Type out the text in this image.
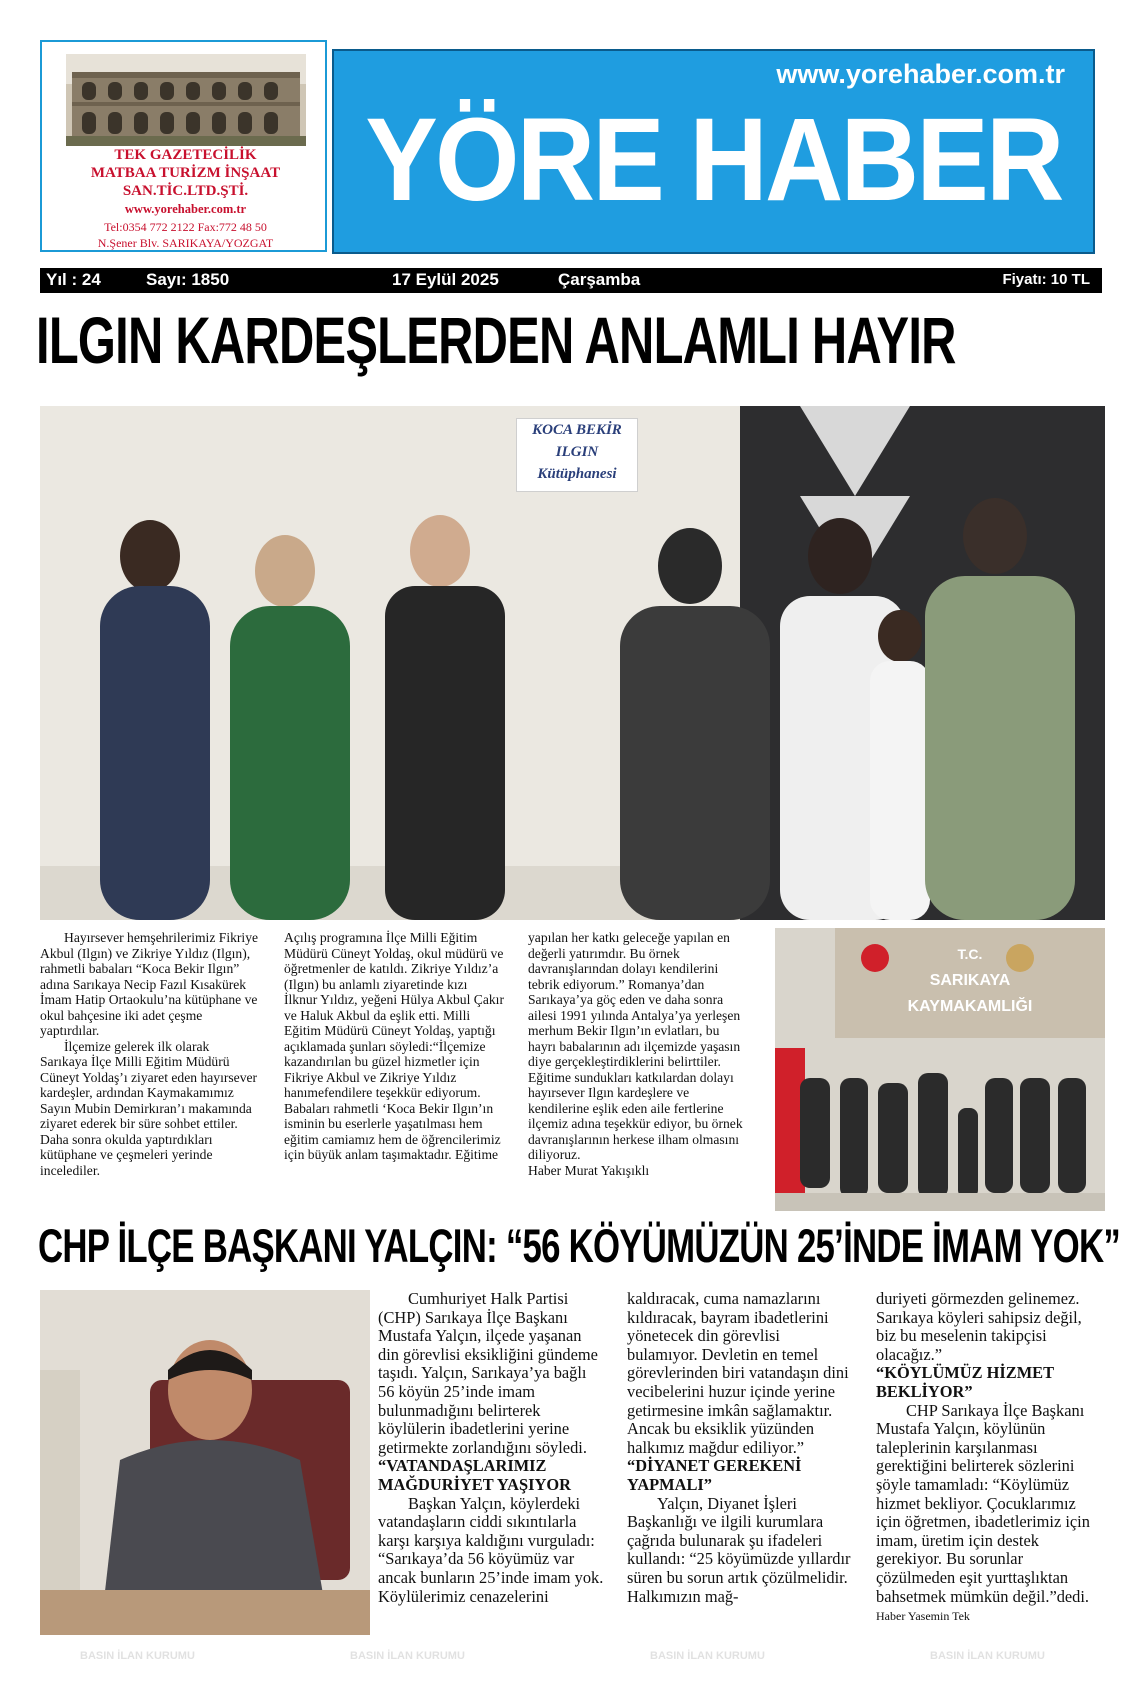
TEK GAZETECİLİK
MATBAA TURİZM İNŞAAT
SAN.TİC.LTD.ŞTİ.
www.yorehaber.com.tr
Tel:0354 772 2122 Fax:772 48 50
N.Şener Blv. SARIKAYA/YOZGAT
www.yorehaber.com.tr
YÖRE HABER
Yıl : 24	Sayı: 1850	17 Eylül 2025	Çarşamba	Fiyatı: 10 TL
ILGIN KARDEŞLERDEN ANLAMLI HAYIR
KOCA BEKİR
ILGIN
Kütüphanesi

Hayırsever hemşehrilerimiz Fikriye Akbul (Ilgın) ve Zikriye Yıldız (Ilgın), rahmetli babaları “Koca Bekir Ilgın” adına Sarıkaya Necip Fazıl Kısakürek İmam Hatip Ortaokulu’na kütüphane ve okul bahçesine iki adet çeşme yaptırdılar.

İlçemize gelerek ilk olarak Sarıkaya İlçe Milli Eğitim Müdürü Cüneyt Yoldaş’ı ziyaret eden hayırsever kardeşler, ardından Kaymakamımız Sayın Mubin Demirkıran’ı makamında ziyaret ederek bir süre sohbet ettiler. Daha sonra okulda yaptırdıkları kütüphane ve çeşmeleri yerinde incelediler.

Açılış programına İlçe Milli Eğitim Müdürü Cüneyt Yoldaş, okul müdürü ve öğretmenler de katıldı. Zikriye Yıldız’a (Ilgın) bu anlamlı ziyaretinde kızı İlknur Yıldız, yeğeni Hülya Akbul Çakır ve Haluk Akbul da eşlik etti. Milli Eğitim Müdürü Cüneyt Yoldaş, yaptığı açıklamada şunları söyledi:“İlçemize kazandırılan bu güzel hizmetler için Fikriye Akbul ve Zikriye Yıldız hanımefendilere teşekkür ediyorum. Babaları rahmetli ‘Koca Bekir Ilgın’ın isminin bu eserlerle yaşatılması hem eğitim camiamız hem de öğrencilerimiz için büyük anlam taşımaktadır. Eğitime

yapılan her katkı geleceğe yapılan en değerli yatırımdır. Bu örnek davranışlarından dolayı kendilerini tebrik ediyorum.” Romanya’dan Sarıkaya’ya göç eden ve daha sonra ailesi 1991 yılında Antalya’ya yerleşen merhum Bekir Ilgın’ın evlatları, bu hayrı babalarının adı ilçemizde yaşasın diye gerçekleştirdiklerini belirttiler. Eğitime sundukları katkılardan dolayı hayırsever Ilgın kardeşlere ve kendilerine eşlik eden aile fertlerine ilçemiz adına teşekkür ediyor, bu örnek davranışlarının herkese ilham olmasını diliyoruz.

Haber Murat Yakışıklı

T.C.
SARIKAYA
KAYMAKAMLIĞI
CHP İLÇE BAŞKANI YALÇIN: “56 KÖYÜMÜZÜN 25’İNDE İMAM YOK”

Cumhuriyet Halk Partisi (CHP) Sarıkaya İlçe Başkanı Mustafa Yalçın, ilçede yaşanan din görevlisi eksikliğini gündeme taşıdı. Yalçın, Sarıkaya’ya bağlı 56 köyün 25’inde imam bulunmadığını belirterek köylülerin ibadetlerini yerine getirmekte zorlandığını söyledi.

“VATANDAŞLARIMIZ MAĞDURİYET YAŞIYOR

Başkan Yalçın, köylerdeki vatandaşların ciddi sıkıntılarla karşı karşıya kaldığını vurguladı: “Sarıkaya’da 56 köyümüz var ancak bunların 25’inde imam yok. Köylülerimiz cenazelerini

kaldıracak, cuma namazlarını kıldıracak, bayram ibadetlerini yönetecek din görevlisi bulamıyor. Devletin en temel görevlerinden biri vatandaşın dini vecibelerini huzur içinde yerine getirmesine imkân sağlamaktır. Ancak bu eksiklik yüzünden halkımız mağdur ediliyor.”

“DİYANET GEREKENİ YAPMALI”

Yalçın, Diyanet İşleri Başkanlığı ve ilgili kurumlara çağrıda bulunarak şu ifadeleri kullandı: “25 köyümüzde yıllardır süren bu sorun artık çözülmelidir. Halkımızın mağ-

duriyeti görmezden gelinemez. Sarıkaya köyleri sahipsiz değil, biz bu meselenin takipçisi olacağız.”

“KÖYLÜMÜZ HİZMET BEKLİYOR”

CHP Sarıkaya İlçe Başkanı Mustafa Yalçın, köylünün taleplerinin karşılanması gerektiğini belirterek sözlerini şöyle tamamladı: “Köylümüz hizmet bekliyor. Çocuklarımız için öğretmen, ibadetlerimiz için imam, üretim için destek gerekiyor. Bu sorunlar çözülmeden eşit yurttaşlıktan bahsetmek mümkün değil.”dedi. Haber Yasemin Tek

BASIN İLAN KURUMU	BASIN İLAN KURUMU	BASIN İLAN KURUMU	BASIN İLAN KURUMU
